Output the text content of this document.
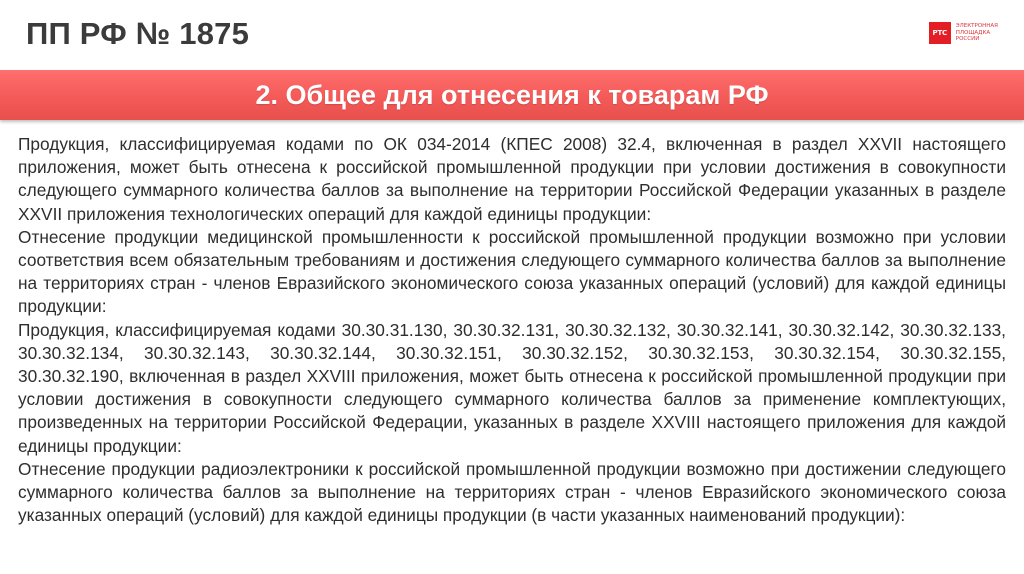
ПП РФ № 1875	РТС
ЭЛЕКТРОННАЯ
ПЛОЩАДКА
РОССИИ
2. Общее для отнесения к товарам РФ

Продукция, классифицируемая кодами по ОК 034-2014 (КПЕС 2008) 32.4, включенная в раздел XXVII настоящего приложения, может быть отнесена к российской промышленной продукции при условии достижения в совокупности следующего суммарного количества баллов за выполнение на территории Российской Федерации указанных в разделе XXVII приложения технологических операций для каждой единицы продукции:

Отнесение продукции медицинской промышленности к российской промышленной продукции возможно при условии соответствия всем обязательным требованиям и достижения следующего суммарного количества баллов за выполнение на территориях стран - членов Евразийского экономического союза указанных операций (условий) для каждой единицы продукции:

Продукция, классифицируемая кодами 30.30.31.130, 30.30.32.131, 30.30.32.132, 30.30.32.141, 30.30.32.142, 30.30.32.133, 30.30.32.134, 30.30.32.143, 30.30.32.144, 30.30.32.151, 30.30.32.152, 30.30.32.153, 30.30.32.154, 30.30.32.155, 30.30.32.190, включенная в раздел XXVIII приложения, может быть отнесена к российской промышленной продукции при условии достижения в совокупности следующего суммарного количества баллов за применение комплектующих, произведенных на территории Российской Федерации, указанных в разделе XXVIII настоящего приложения для каждой единицы продукции:

Отнесение продукции радиоэлектроники к российской промышленной продукции возможно при достижении следующего суммарного количества баллов за выполнение на территориях стран - членов Евразийского экономического союза указанных операций (условий) для каждой единицы продукции (в части указанных наименований продукции):
